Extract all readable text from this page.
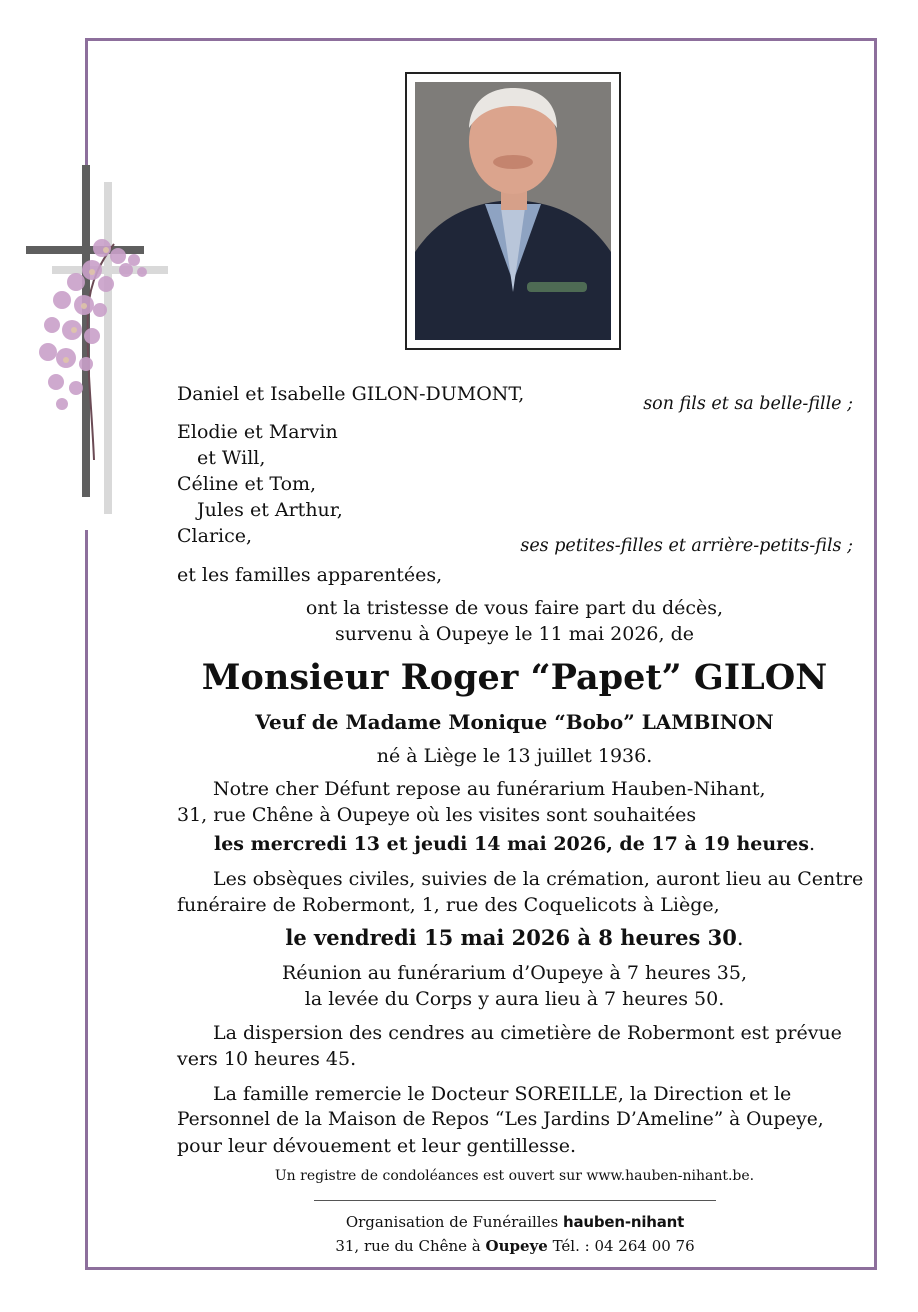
Daniel et Isabelle GILON-DUMONT,	son fils et sa belle-fille ;
Elodie et Marvin
et Will,
Céline et Tom,
Jules et Arthur,
Clarice,	ses petites-filles et arrière-petits-fils ;
et les familles apparentées,
ont la tristesse de vous faire part du décès,
survenu à Oupeye le 11 mai 2026, de
Monsieur Roger “Papet” GILON
Veuf de Madame Monique “Bobo” LAMBINON
né à Liège le 13 juillet 1936.
Notre cher Défunt repose au funérarium Hauben-Nihant,
31, rue Chêne à Oupeye où les visites sont souhaitées
les mercredi 13 et jeudi 14 mai 2026, de 17 à 19 heures.
Les obsèques civiles, suivies de la crémation, auront lieu au Centre
funéraire de Robermont, 1, rue des Coquelicots à Liège,
le vendredi 15 mai 2026 à 8 heures 30.
Réunion au funérarium d’Oupeye à 7 heures 35,
la levée du Corps y aura lieu à 7 heures 50.
La dispersion des cendres au cimetière de Robermont est prévue
vers 10 heures 45.
La famille remercie le Docteur SOREILLE, la Direction et le
Personnel de la Maison de Repos “Les Jardins D’Ameline” à Oupeye,
pour leur dévouement et leur gentillesse.
Un registre de condoléances est ouvert sur www.hauben-nihant.be.
Organisation de Funérailles hauben-nihant
31, rue du Chêne à Oupeye Tél. : 04 264 00 76
